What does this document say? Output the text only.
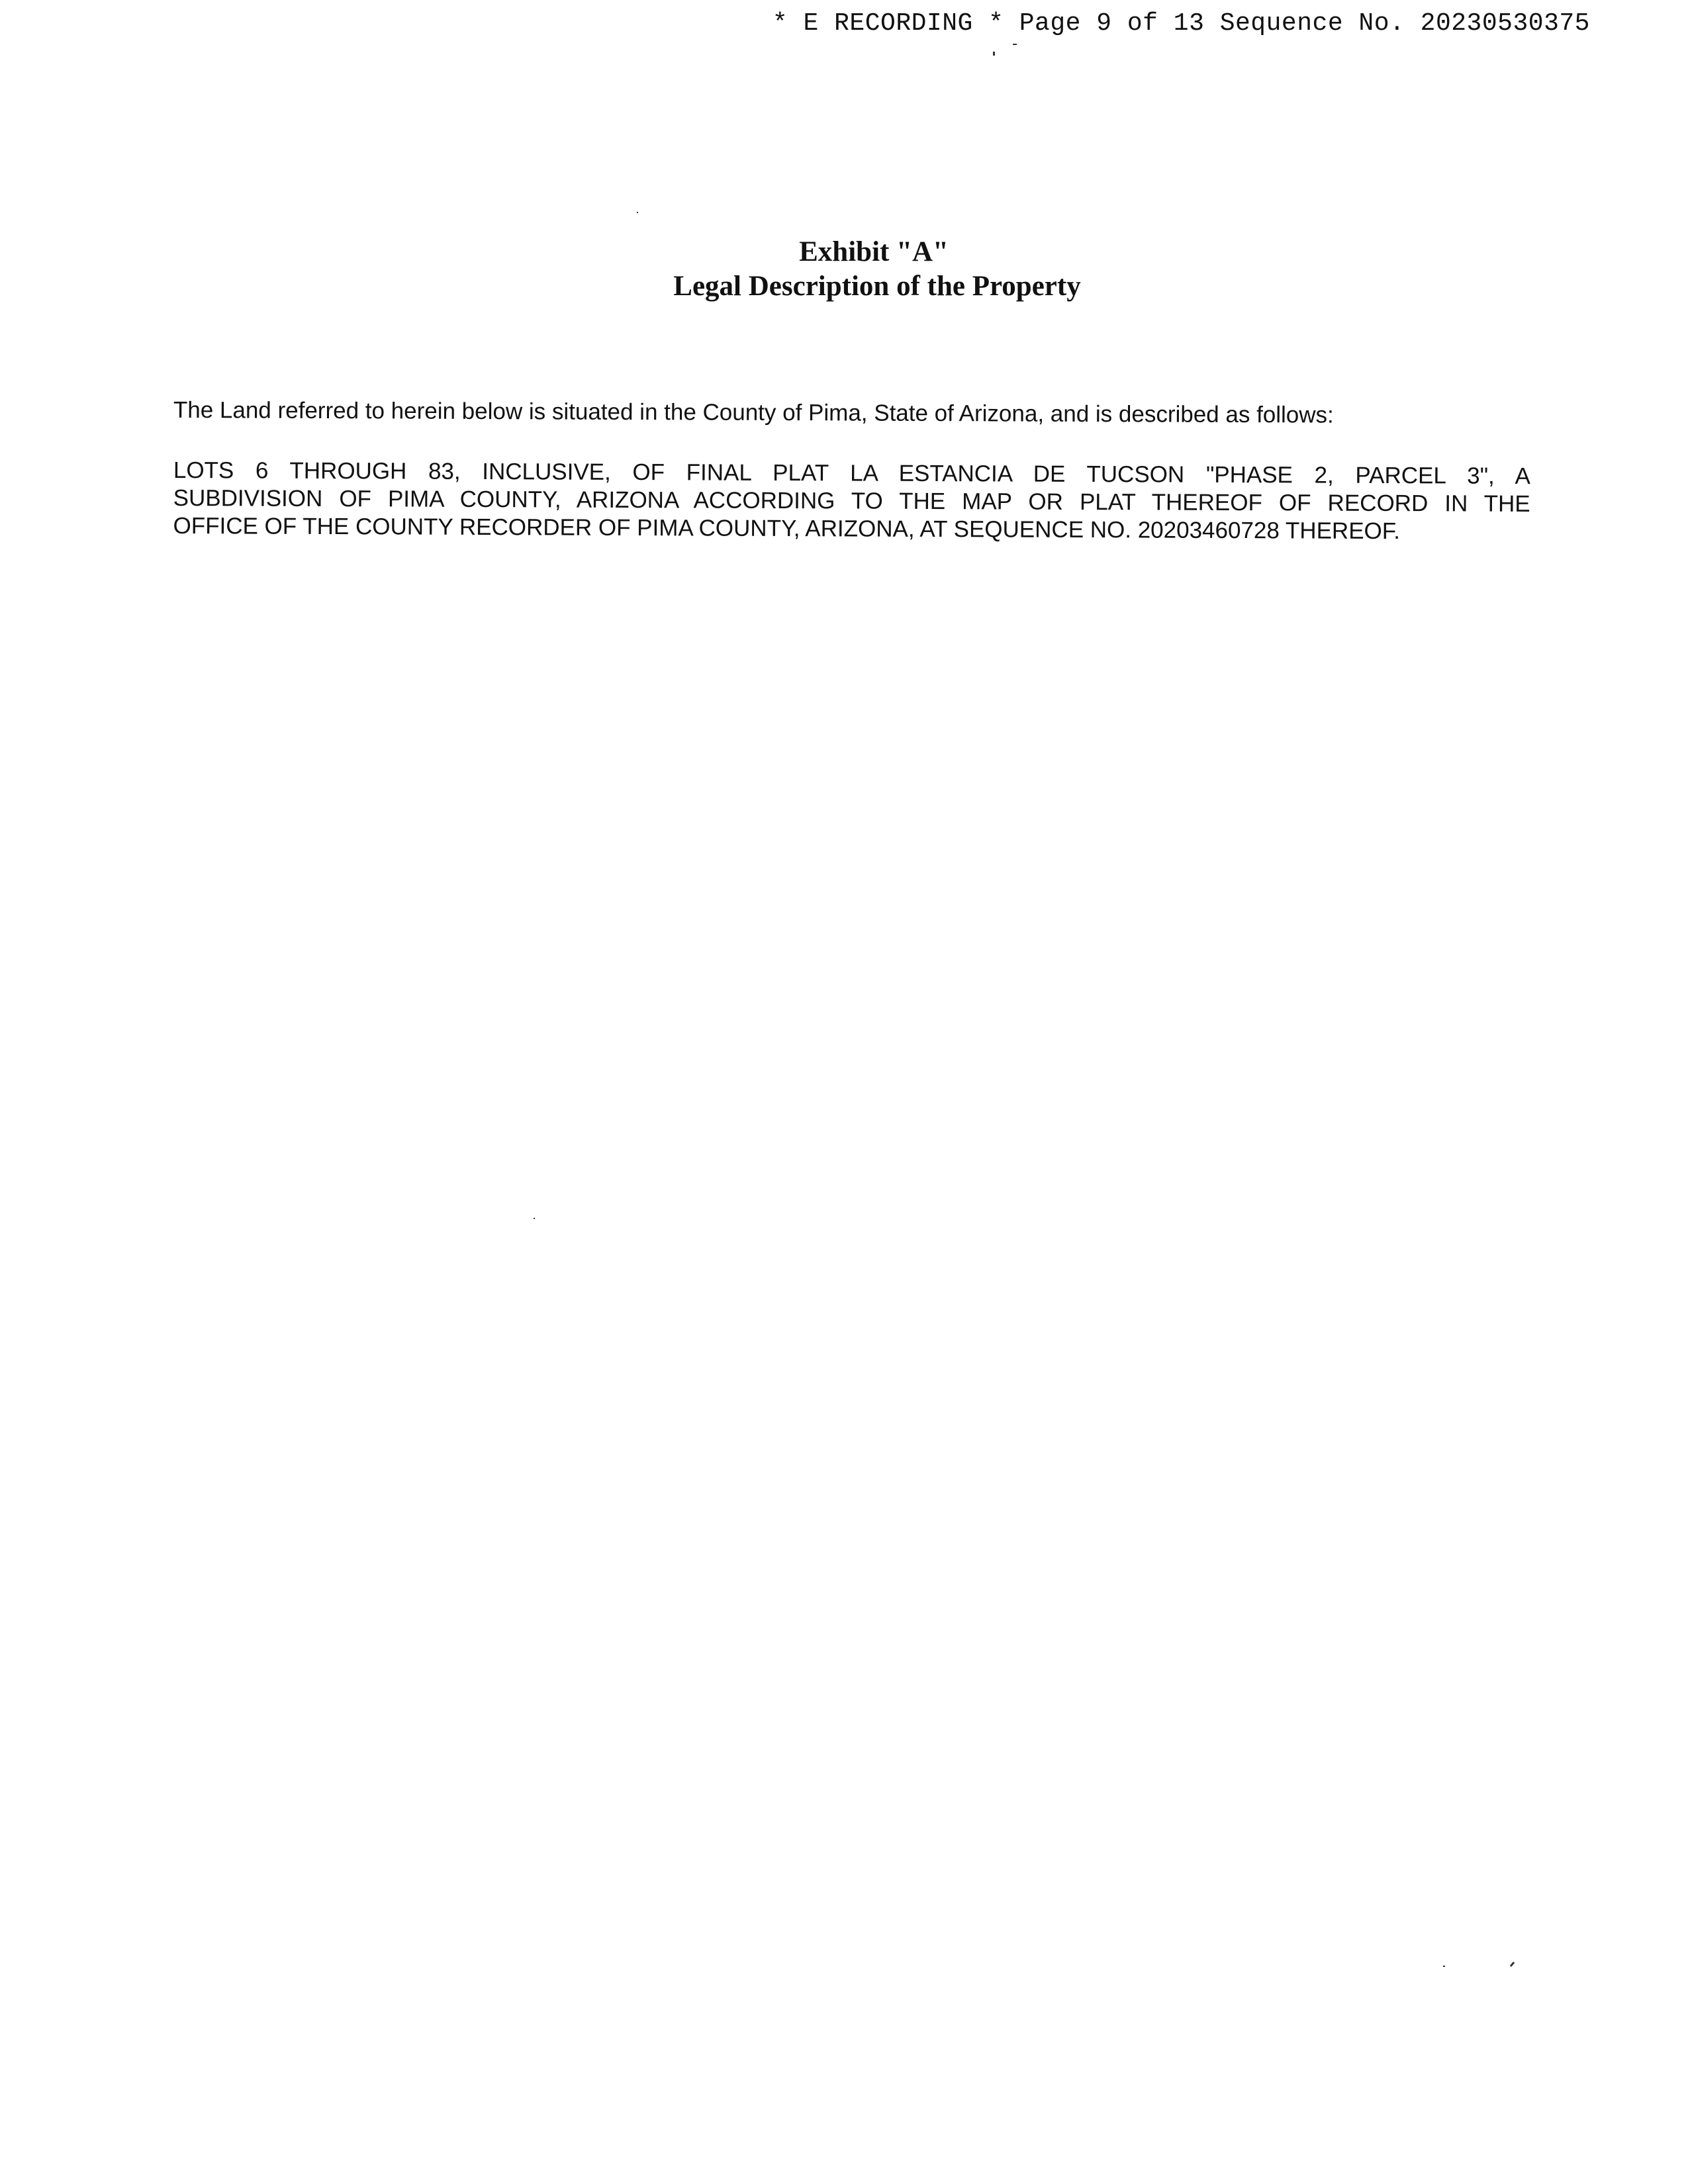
* E RECORDING * Page 9 of 13 Sequence No. 20230530375
Exhibit "A"
Legal Description of the Property
The Land referred to herein below is situated in the County of Pima, State of Arizona, and is described as follows:
LOTS 6 THROUGH 83, INCLUSIVE, OF FINAL PLAT LA ESTANCIA DE TUCSON "PHASE 2, PARCEL 3", A
SUBDIVISION OF PIMA COUNTY, ARIZONA ACCORDING TO THE MAP OR PLAT THEREOF OF RECORD IN THE
OFFICE OF THE COUNTY RECORDER OF PIMA COUNTY, ARIZONA, AT SEQUENCE NO. 20203460728 THEREOF.
